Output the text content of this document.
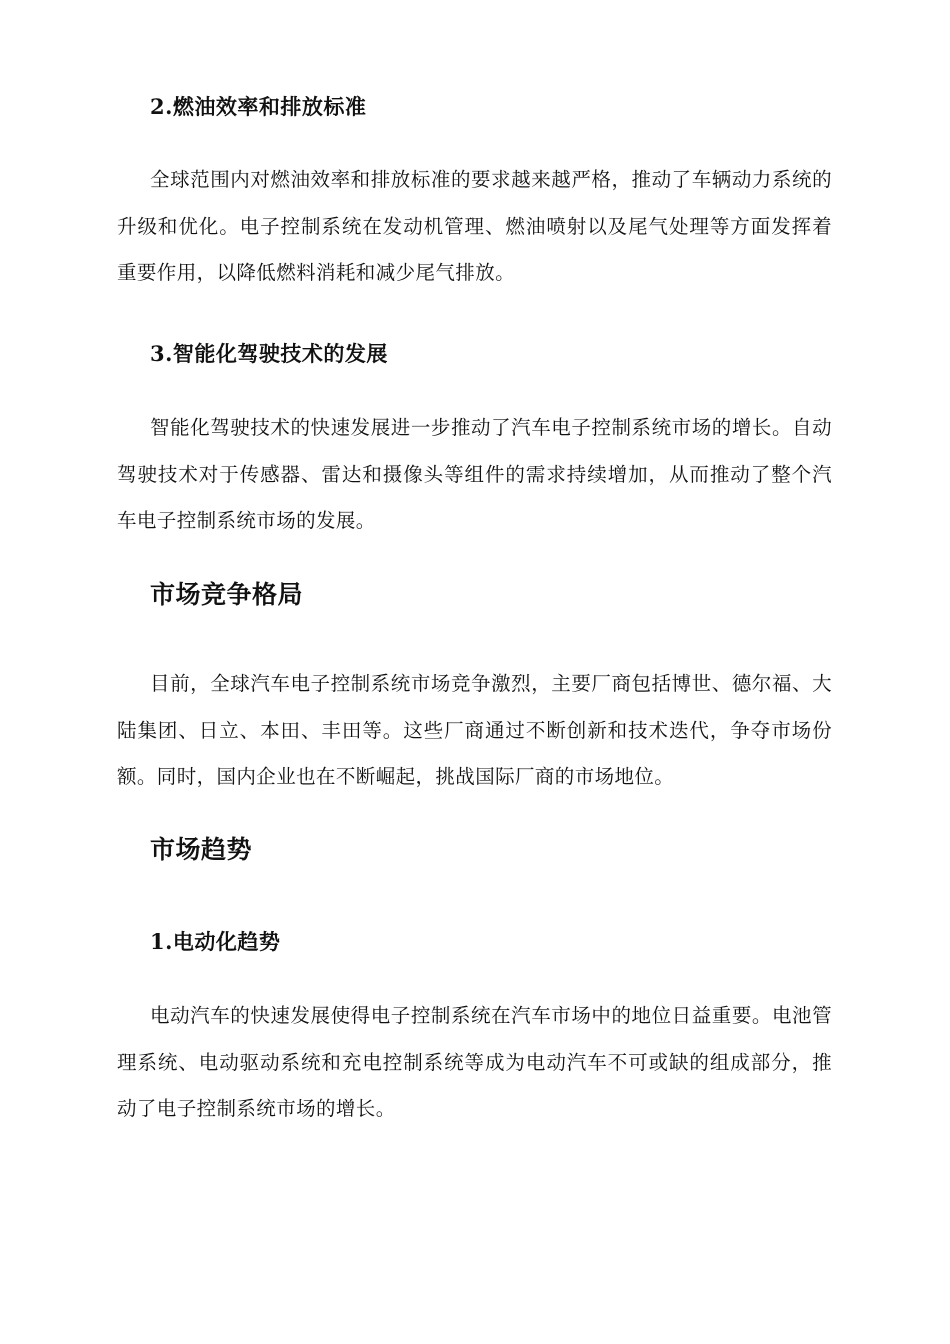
2.燃油效率和排放标准

全球范围内对燃油效率和排放标准的要求越来越严格，推动了车辆动力系统的升级和优化。电子控制系统在发动机管理、燃油喷射以及尾气处理等方面发挥着重要作用，以降低燃料消耗和减少尾气排放。

3.智能化驾驶技术的发展

智能化驾驶技术的快速发展进一步推动了汽车电子控制系统市场的增长。自动驾驶技术对于传感器、雷达和摄像头等组件的需求持续增加，从而推动了整个汽车电子控制系统市场的发展。

市场竞争格局

目前，全球汽车电子控制系统市场竞争激烈，主要厂商包括博世、德尔福、大陆集团、日立、本田、丰田等。这些厂商通过不断创新和技术迭代，争夺市场份额。同时，国内企业也在不断崛起，挑战国际厂商的市场地位。

市场趋势
1.电动化趋势

电动汽车的快速发展使得电子控制系统在汽车市场中的地位日益重要。电池管理系统、电动驱动系统和充电控制系统等成为电动汽车不可或缺的组成部分，推动了电子控制系统市场的增长。
